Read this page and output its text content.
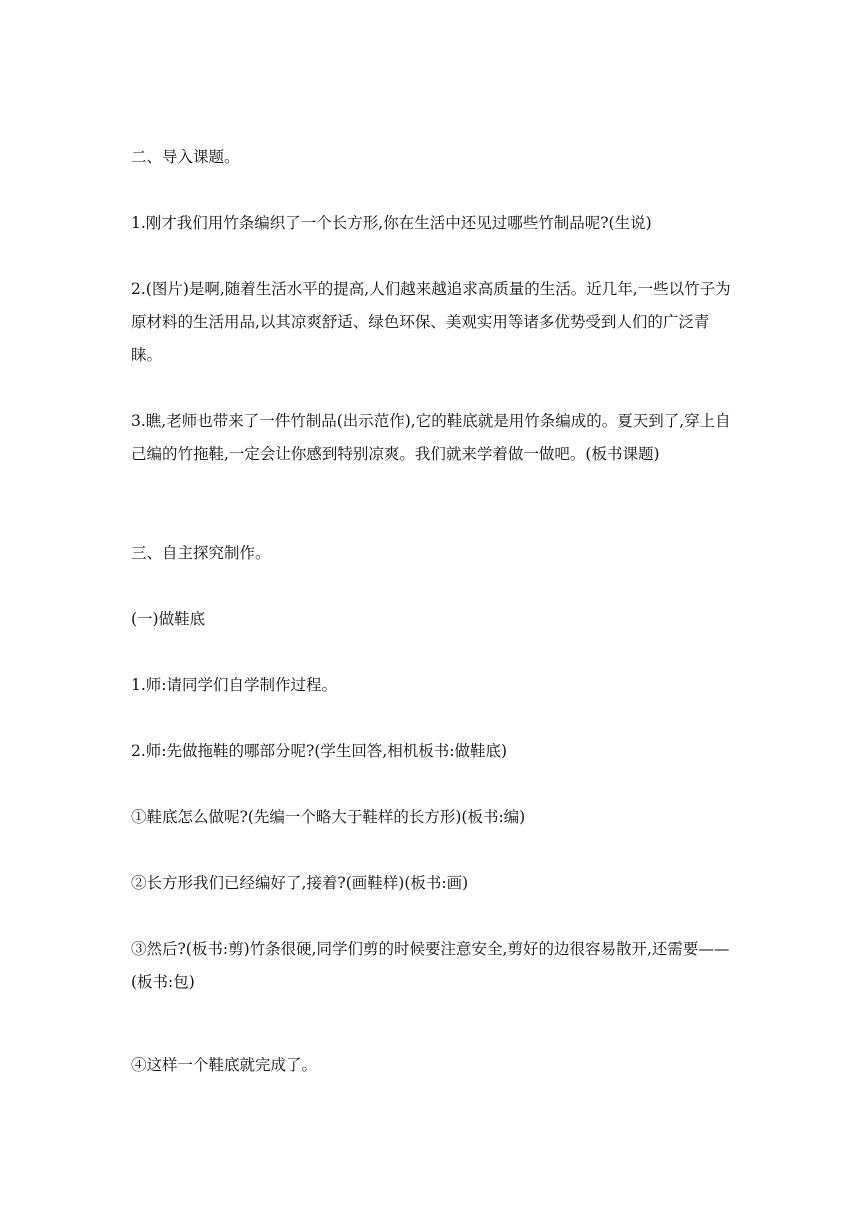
二、导入课题。

1.刚才我们用竹条编织了一个长方形,你在生活中还见过哪些竹制品呢?(生说)

2.(图片)是啊,随着生活水平的提高,人们越来越追求高质量的生活。近几年,一些以竹子为原材料的生活用品,以其凉爽舒适、绿色环保、美观实用等诸多优势受到人们的广泛青睐。

3.瞧,老师也带来了一件竹制品(出示范作),它的鞋底就是用竹条编成的。夏天到了,穿上自己编的竹拖鞋,一定会让你感到特别凉爽。我们就来学着做一做吧。(板书课题)

三、自主探究制作。

(一)做鞋底

1.师:请同学们自学制作过程。

2.师:先做拖鞋的哪部分呢?(学生回答,相机板书:做鞋底)

①鞋底怎么做呢?(先编一个略大于鞋样的长方形)(板书:编)

②长方形我们已经编好了,接着?(画鞋样)(板书:画)

③然后?(板书:剪)竹条很硬,同学们剪的时候要注意安全,剪好的边很容易散开,还需要——(板书:包)

④这样一个鞋底就完成了。
